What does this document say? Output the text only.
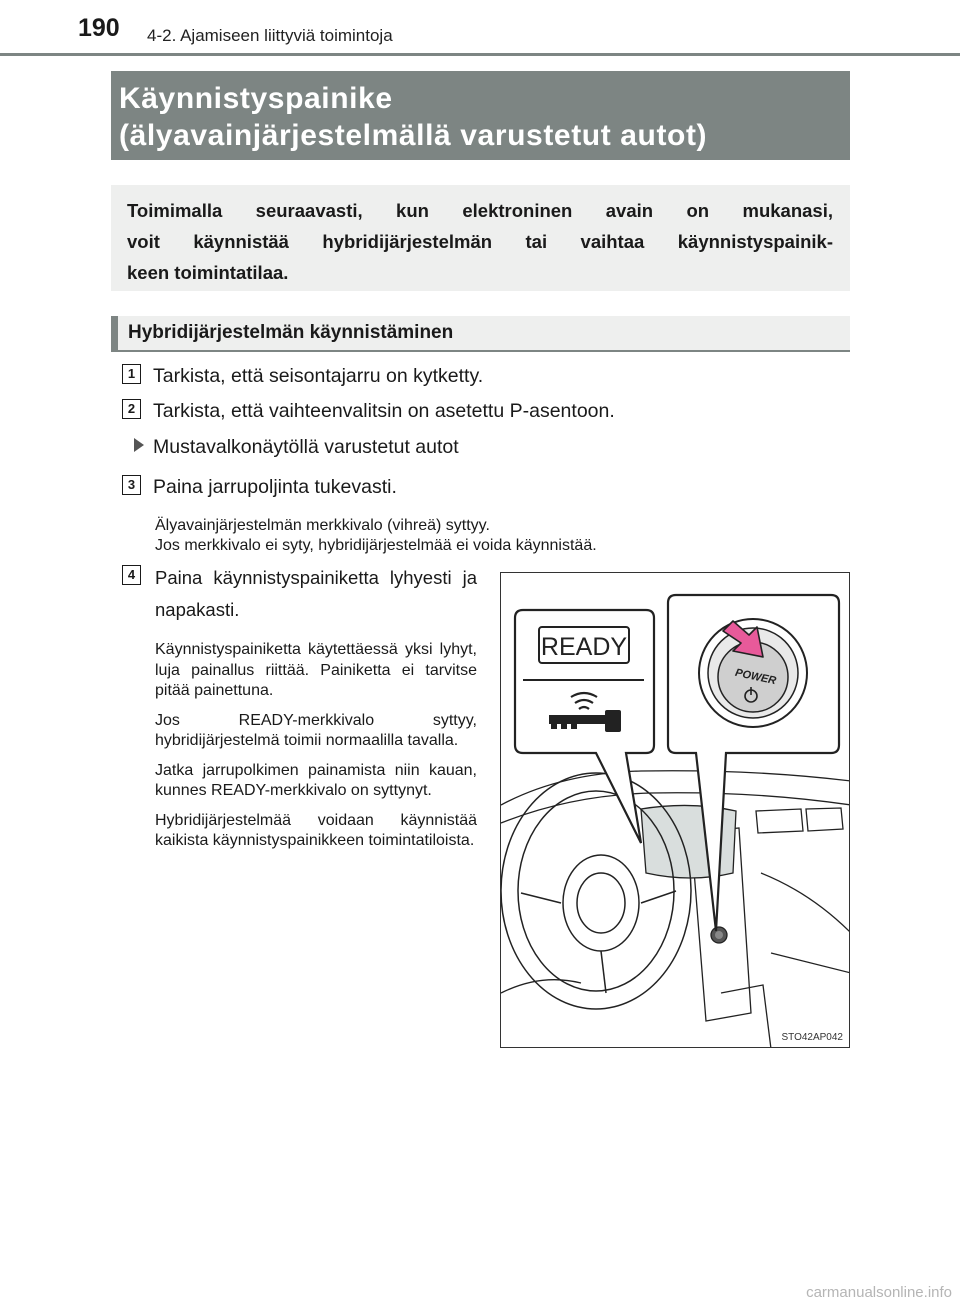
190 4-2. Ajamiseen liittyviä toimintoja
Käynnistyspainike
(älyavainjärjestelmällä varustetut autot)
Toimimalla seuraavasti, kun elektroninen avain on mukanasi,
voit käynnistää hybridijärjestelmän tai vaihtaa käynnistyspainik-
keen toimintatilaa.
Hybridijärjestelmän käynnistäminen
1 Tarkista, että seisontajarru on kytketty.
2 Tarkista, että vaihteenvalitsin on asetettu P-asentoon.
Mustavalkonäytöllä varustetut autot
3 Paina jarrupoljinta tukevasti.
Älyavainjärjestelmän merkkivalo (vihreä) syttyy.
Jos merkkivalo ei syty, hybridijärjestelmää ei voida käynnistää.
4	Paina käynnistyspainiketta lyhyesti ja napakasti.

Käynnistyspainiketta käytettäessä yksi lyhyt, luja painallus riittää. Painiketta ei tarvitse pitää painettuna.

Jos READY-merkkivalo syttyy, hybridijärjestelmä toimii normaalilla tavalla.

Jatka jarrupolkimen painamista niin kauan, kunnes READY-merkkivalo on syttynyt.

Hybridijärjestelmää voidaan käynnistää kaikista käynnistyspainikkeen toimintatiloista.

READY
POWER
STO42AP042
carmanualsonline.info
